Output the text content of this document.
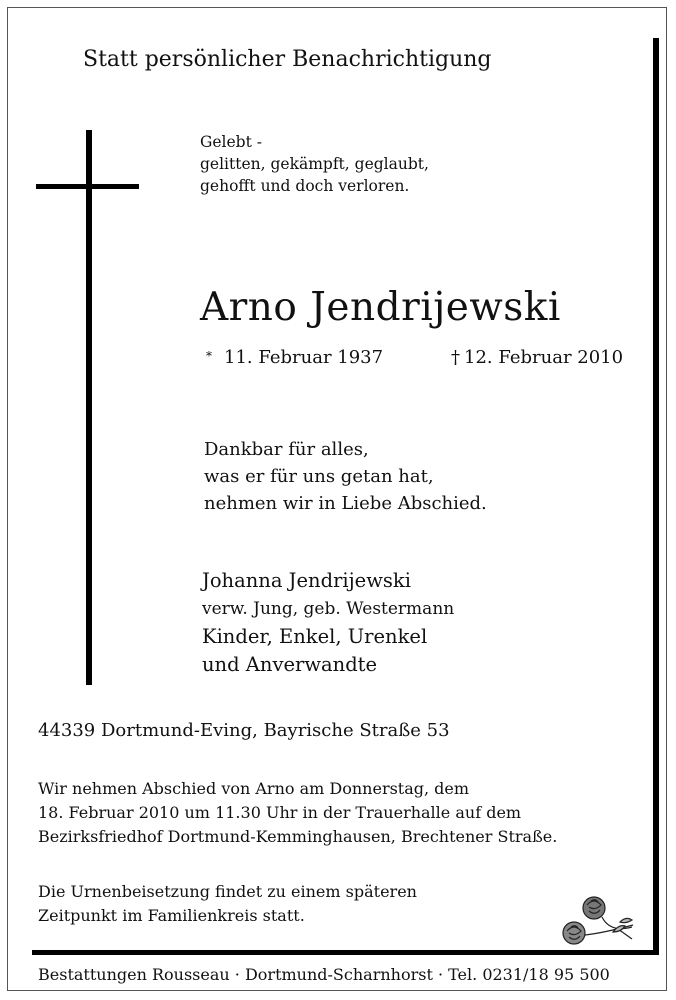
Statt persönlicher Benachrichtigung
Gelebt -
gelitten, gekämpft, geglaubt,
gehofft und doch verloren.
Arno Jendrijewski
* 11. Februar 1937	† 12. Februar 2010
Dankbar für alles,
was er für uns getan hat,
nehmen wir in Liebe Abschied.
Johanna Jendrijewski
verw. Jung, geb. Westermann
Kinder, Enkel, Urenkel
und Anverwandte
44339 Dortmund-Eving, Bayrische Straße 53
Wir nehmen Abschied von Arno am Donnerstag, dem
18. Februar 2010 um 11.30 Uhr in der Trauerhalle auf dem
Bezirksfriedhof Dortmund-Kemminghausen, Brechtener Straße.
Die Urnenbeisetzung findet zu einem späteren
Zeitpunkt im Familienkreis statt.
Bestattungen Rousseau · Dortmund-Scharnhorst · Tel. 0231/18 95 500
